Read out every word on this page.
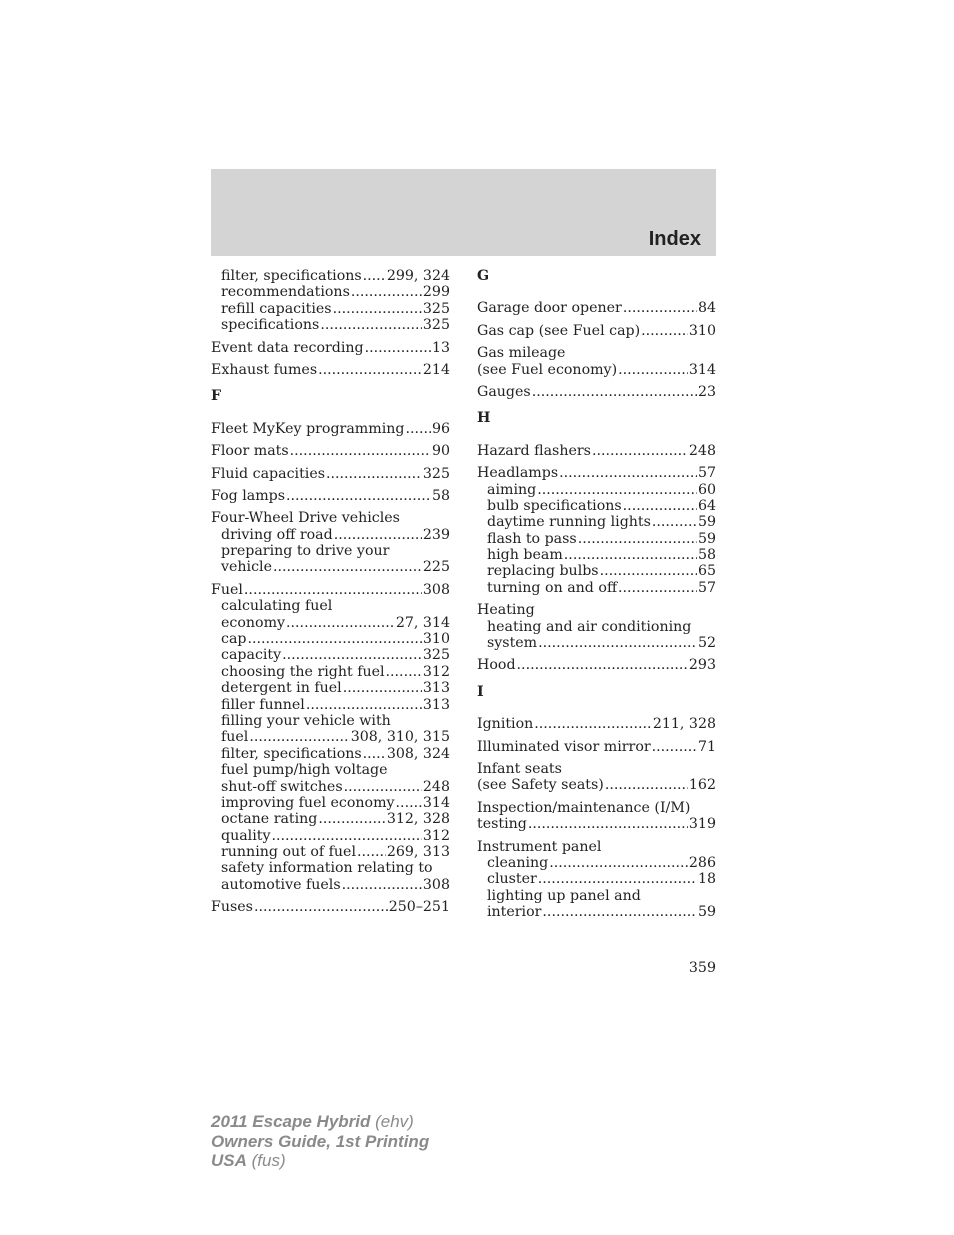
Index
filter, specifications ..... 299, 324
recommendations .....	299
refill capacities .....	325
specifications .....	325
Event data recording .....	13
Exhaust fumes .....	214
F
Fleet MyKey programming ..... 96
Floor mats .....	90
Fluid capacities .....	325
Fog lamps .....	58
Four-Wheel Drive vehicles
driving off road .....	239
preparing to drive your
vehicle .....	225
Fuel .....	308
calculating fuel
economy .....	27, 314
cap .....	310
capacity .....	325
choosing the right fuel .....	312
detergent in fuel .....	313
filler funnel .....	313
filling your vehicle with
fuel .....	308, 310, 315
filter, specifications ..... 308, 324
fuel pump/high voltage
shut-off switches .....	248
improving fuel economy ..... 314
octane rating .....	312, 328
quality .....	312
running out of fuel ..... 269, 313
safety information relating to
automotive fuels .....	308
Fuses .....	250–251
G
Garage door opener .....	84
Gas cap (see Fuel cap) .....	310
Gas mileage
(see Fuel economy) .....	314
Gauges .....	23
H
Hazard flashers .....	248
Headlamps .....	57
aiming .....	60
bulb specifications .....	64
daytime running lights .....	59
flash to pass .....	59
high beam .....	58
replacing bulbs .....	65
turning on and off .....	57
Heating
heating and air conditioning
system .....	52
Hood .....	293
I
Ignition .....	211, 328
Illuminated visor mirror .....	71
Infant seats
(see Safety seats) .....	162
Inspection/maintenance (I/M)
testing .....	319
Instrument panel
cleaning .....	286
cluster .....	18
lighting up panel and
interior .....	59
359
2011 Escape Hybrid (ehv)
Owners Guide, 1st Printing
USA (fus)
